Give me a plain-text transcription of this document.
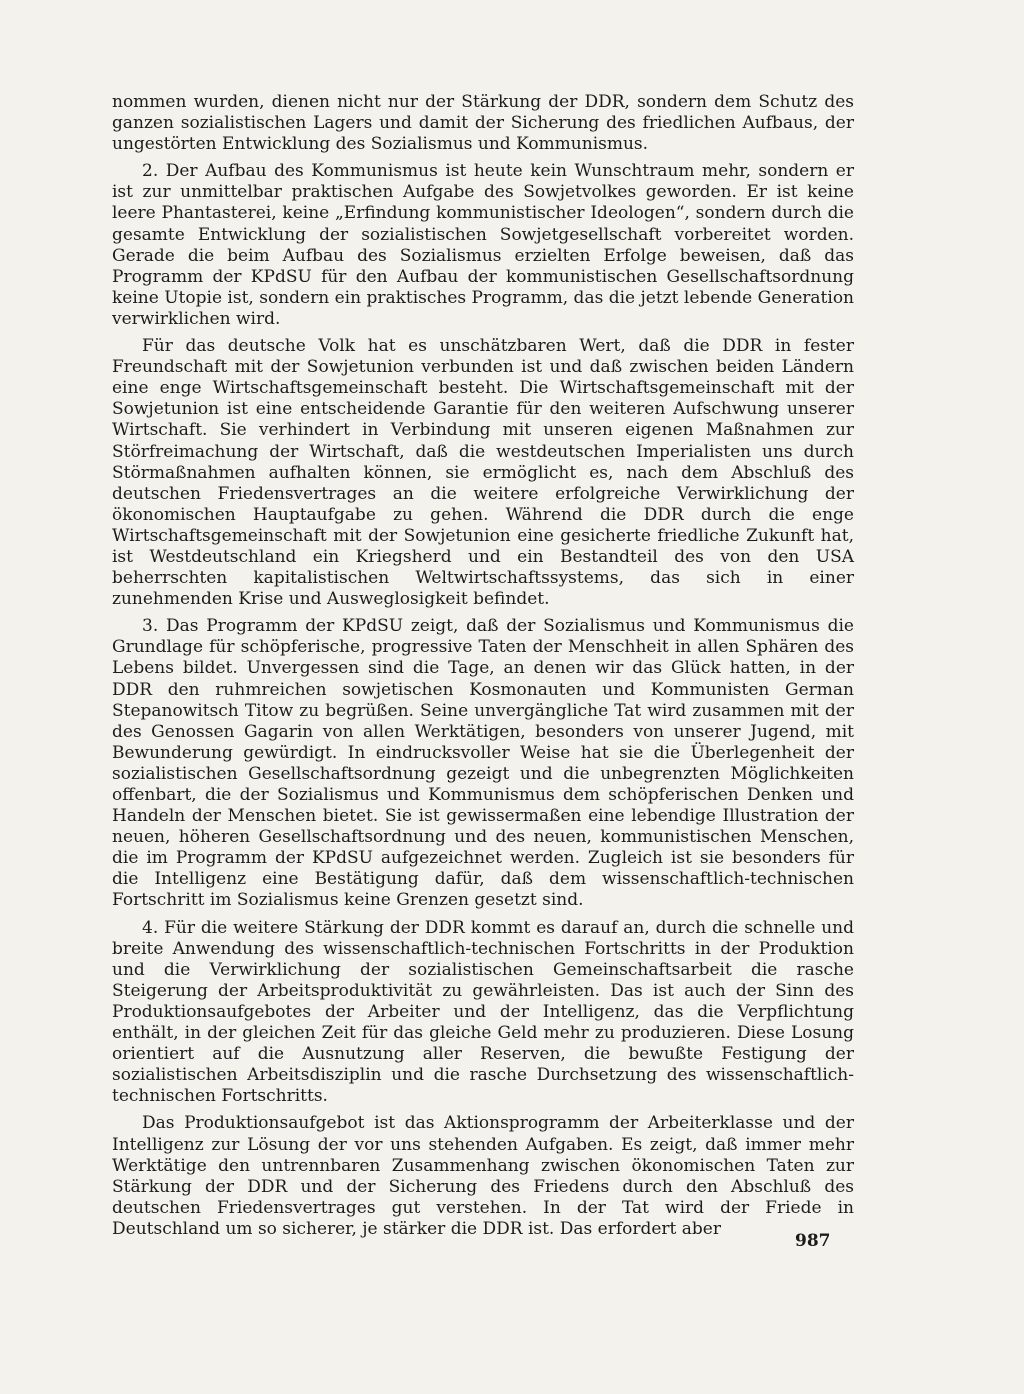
nommen wurden, dienen nicht nur der Stärkung der DDR, sondern dem Schutz des ganzen sozialistischen Lagers und damit der Sicherung des friedlichen Aufbaus, der ungestörten Entwicklung des Sozialismus und Kommunismus.

2. Der Aufbau des Kommunismus ist heute kein Wunschtraum mehr, sondern er ist zur unmittelbar praktischen Aufgabe des Sowjetvolkes geworden. Er ist keine leere Phantasterei, keine „Erfindung kommunistischer Ideologen“, sondern durch die gesamte Entwicklung der sozialistischen Sowjetgesellschaft vorbereitet worden. Gerade die beim Aufbau des Sozialismus erzielten Erfolge beweisen, daß das Programm der KPdSU für den Aufbau der kommunistischen Gesellschaftsordnung keine Utopie ist, sondern ein praktisches Programm, das die jetzt lebende Generation verwirklichen wird.

Für das deutsche Volk hat es unschätzbaren Wert, daß die DDR in fester Freundschaft mit der Sowjetunion verbunden ist und daß zwischen beiden Ländern eine enge Wirtschaftsgemeinschaft besteht. Die Wirtschaftsgemeinschaft mit der Sowjetunion ist eine entscheidende Garantie für den weiteren Aufschwung unserer Wirtschaft. Sie verhindert in Verbindung mit unseren eigenen Maßnahmen zur Störfreimachung der Wirtschaft, daß die westdeutschen Imperialisten uns durch Störmaßnahmen aufhalten können, sie ermöglicht es, nach dem Abschluß des deutschen Friedensvertrages an die weitere erfolgreiche Verwirklichung der ökonomischen Hauptaufgabe zu gehen. Während die DDR durch die enge Wirtschaftsgemeinschaft mit der Sowjetunion eine gesicherte friedliche Zukunft hat, ist Westdeutschland ein Kriegsherd und ein Bestandteil des von den USA beherrschten kapitalistischen Weltwirtschaftssystems, das sich in einer zunehmenden Krise und Ausweglosigkeit befindet.

3. Das Programm der KPdSU zeigt, daß der Sozialismus und Kommunismus die Grundlage für schöpferische, progressive Taten der Menschheit in allen Sphären des Lebens bildet. Unvergessen sind die Tage, an denen wir das Glück hatten, in der DDR den ruhmreichen sowjetischen Kosmonauten und Kommunisten German Stepanowitsch Titow zu begrüßen. Seine unvergängliche Tat wird zusammen mit der des Genossen Gagarin von allen Werktätigen, besonders von unserer Jugend, mit Bewunderung gewürdigt. In eindrucksvoller Weise hat sie die Überlegenheit der sozialistischen Gesellschaftsordnung gezeigt und die unbegrenzten Möglichkeiten offenbart, die der Sozialismus und Kommunismus dem schöpferischen Denken und Handeln der Menschen bietet. Sie ist gewissermaßen eine lebendige Illustration der neuen, höheren Gesellschaftsordnung und des neuen, kommunistischen Menschen, die im Programm der KPdSU aufgezeichnet werden. Zugleich ist sie besonders für die Intelligenz eine Bestätigung dafür, daß dem wissenschaftlich-technischen Fortschritt im Sozialismus keine Grenzen gesetzt sind.

4. Für die weitere Stärkung der DDR kommt es darauf an, durch die schnelle und breite Anwendung des wissenschaftlich-technischen Fortschritts in der Produktion und die Verwirklichung der sozialistischen Gemeinschaftsarbeit die rasche Steigerung der Arbeitsproduktivität zu gewährleisten. Das ist auch der Sinn des Produktionsaufgebotes der Arbeiter und der Intelligenz, das die Verpflichtung enthält, in der gleichen Zeit für das gleiche Geld mehr zu produzieren. Diese Losung orientiert auf die Ausnutzung aller Reserven, die bewußte Festigung der sozialistischen Arbeitsdisziplin und die rasche Durchsetzung des wissenschaftlich-technischen Fortschritts.

Das Produktionsaufgebot ist das Aktionsprogramm der Arbeiterklasse und der Intelligenz zur Lösung der vor uns stehenden Aufgaben. Es zeigt, daß immer mehr Werktätige den untrennbaren Zusammenhang zwischen ökonomischen Taten zur Stärkung der DDR und der Sicherung des Friedens durch den Abschluß des deutschen Friedensvertrages gut verstehen. In der Tat wird der Friede in Deutschland um so sicherer, je stärker die DDR ist. Das erfordert aber

987
